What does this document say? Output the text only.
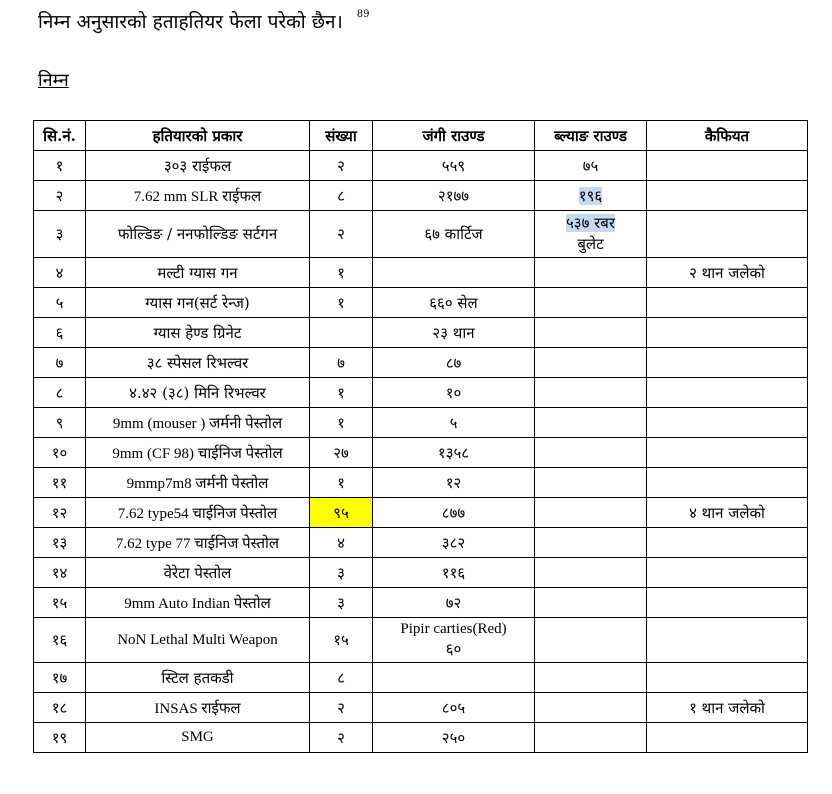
निम्न अनुसारको हताहतियर फेला परेको छैन। $^{89}$
निम्न
सि.नं.	हतियारको प्रकार	संख्या	जंगी राउण्ड	ब्ल्याङ राउण्ड	कैफियत
१	३०३ राईफल	२	५५९	७५	
२	7.62 mm SLR राईफल	८	२१७७	१९६	
३	फोल्डिङ / ननफोल्डिङ सर्टगन	२	६७ कार्टिज	५३७ रबर
बुलेट	
४	मल्टी ग्यास गन	१			२ थान जलेको
५	ग्यास गन(सर्ट रेन्ज)	१	६६० सेल		
६	ग्यास हेण्ड ग्रिनेट		२३ थान		
७	३८ स्पेसल रिभल्वर	७	८७		
८	४.४२ (३८) मिनि रिभल्वर	१	१०		
९	9mm (mouser ) जर्मनी पेस्तोल	१	५		
१०	9mm (CF 98) चाईनिज पेस्तोल	२७	१३५८		
११	9mmp7m8 जर्मनी पेस्तोल	१	१२		
१२	7.62 type54 चाईनिज पेस्तोल	९५	८७७		४ थान जलेको
१३	7.62 type 77 चाईनिज पेस्तोल	४	३८२		
१४	वेरेटा पेस्तोल	३	११६		
१५	9mm Auto Indian पेस्तोल	३	७२		
१६	NoN Lethal Multi Weapon	१५	Pipir carties(Red)
६०		
१७	स्टिल हतकडी	८			
१८	INSAS राईफल	२	८०५		१ थान जलेको
१९	SMG	२	२५०		
